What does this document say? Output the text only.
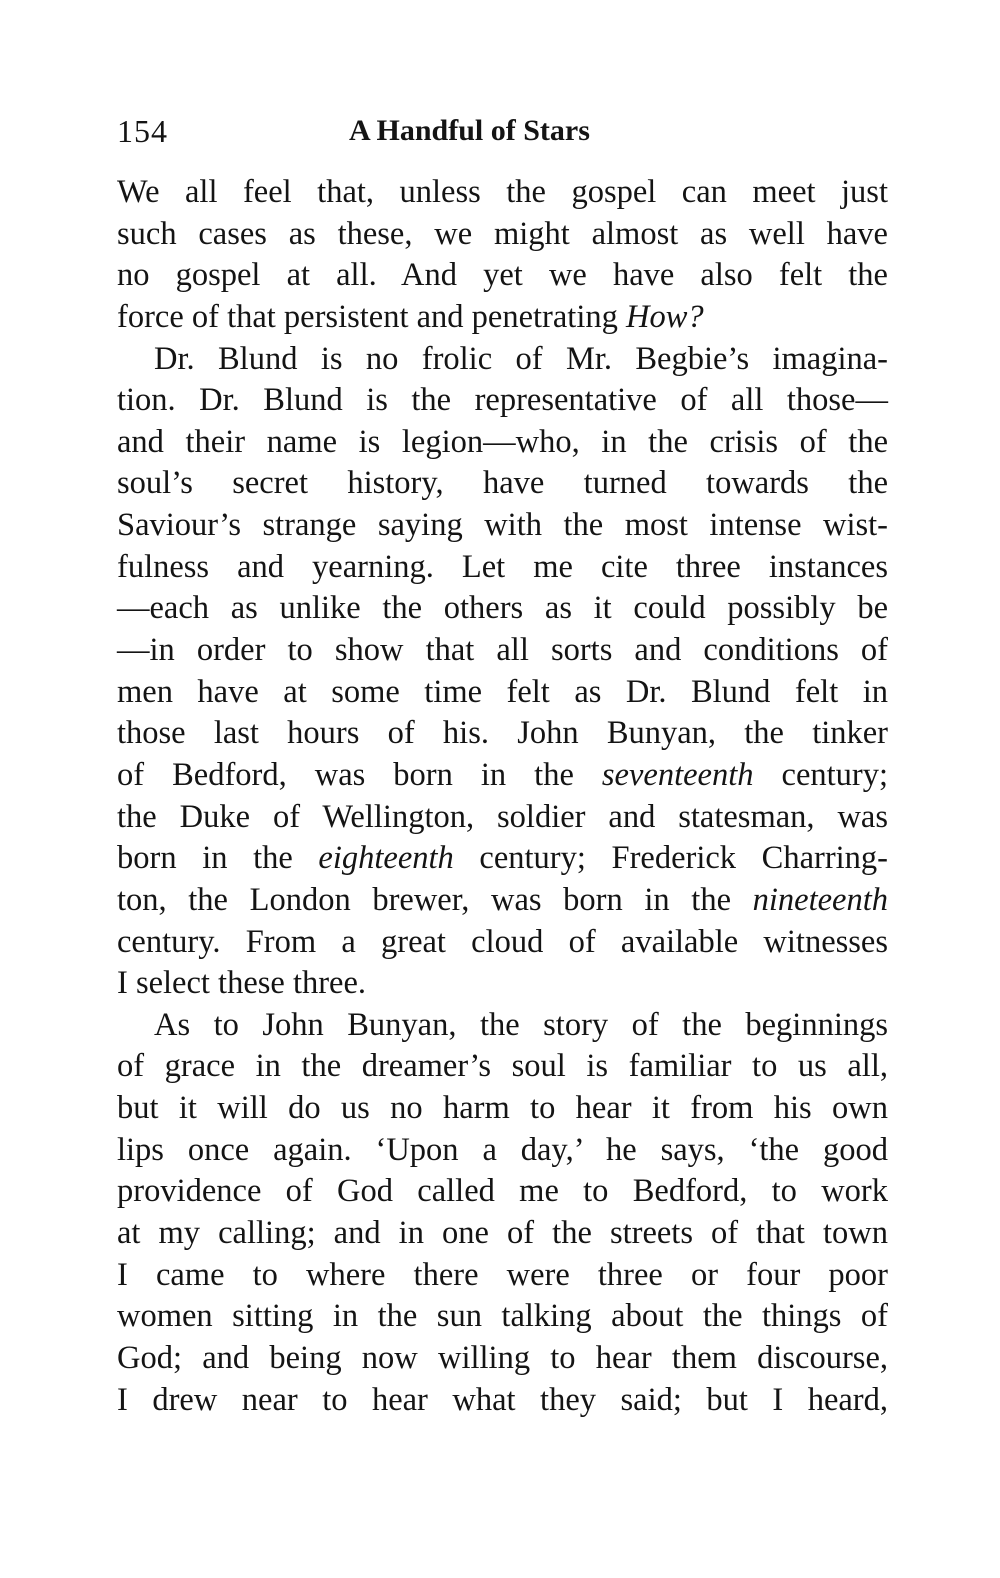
154	A Handful of Stars
We all feel that, unless the gospel can meet just
such cases as these, we might almost as well have
no gospel at all. And yet we have also felt the
force of that persistent and penetrating How?
Dr. Blund is no frolic of Mr. Begbie’s imagina-
tion. Dr. Blund is the representative of all those—
and their name is legion—who, in the crisis of the
soul’s secret history, have turned towards the
Saviour’s strange saying with the most intense wist-
fulness and yearning. Let me cite three instances
—each as unlike the others as it could possibly be
—in order to show that all sorts and conditions of
men have at some time felt as Dr. Blund felt in
those last hours of his. John Bunyan, the tinker
of Bedford, was born in the seventeenth century;
the Duke of Wellington, soldier and statesman, was
born in the eighteenth century; Frederick Charring-
ton, the London brewer, was born in the nineteenth
century. From a great cloud of available witnesses
I select these three.
As to John Bunyan, the story of the beginnings
of grace in the dreamer’s soul is familiar to us all,
but it will do us no harm to hear it from his own
lips once again. ‘Upon a day,’ he says, ‘the good
providence of God called me to Bedford, to work
at my calling; and in one of the streets of that town
I came to where there were three or four poor
women sitting in the sun talking about the things of
God; and being now willing to hear them discourse,
I drew near to hear what they said; but I heard,
